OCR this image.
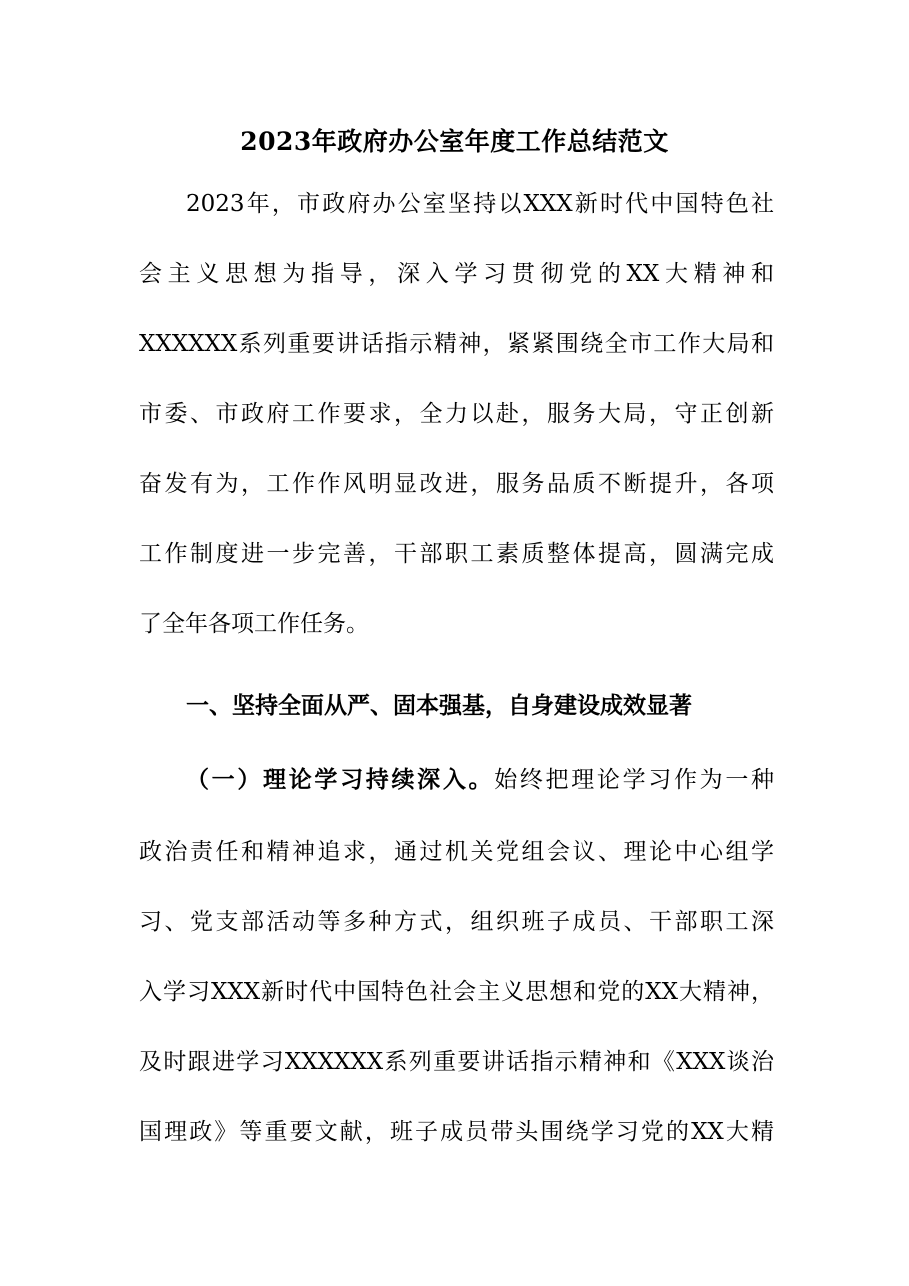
2023年政府办公室年度工作总结范文
2023年，市政府办公室坚持以XXX新时代中国特色社
会主义思想为指导，深入学习贯彻党的XX大精神和
XXXXXX系列重要讲话指示精神，紧紧围绕全市工作大局和
市委、市政府工作要求，全力以赴，服务大局，守正创新
奋发有为，工作作风明显改进，服务品质不断提升，各项
工作制度进一步完善，干部职工素质整体提高，圆满完成
了全年各项工作任务。
一、坚持全面从严、固本强基，自身建设成效显著
（一）理论学习持续深入。始终把理论学习作为一种
政治责任和精神追求，通过机关党组会议、理论中心组学
习、党支部活动等多种方式，组织班子成员、干部职工深
入学习XXX新时代中国特色社会主义思想和党的XX大精神，
及时跟进学习XXXXXX系列重要讲话指示精神和《XXX谈治
国理政》等重要文献，班子成员带头围绕学习党的XX大精
